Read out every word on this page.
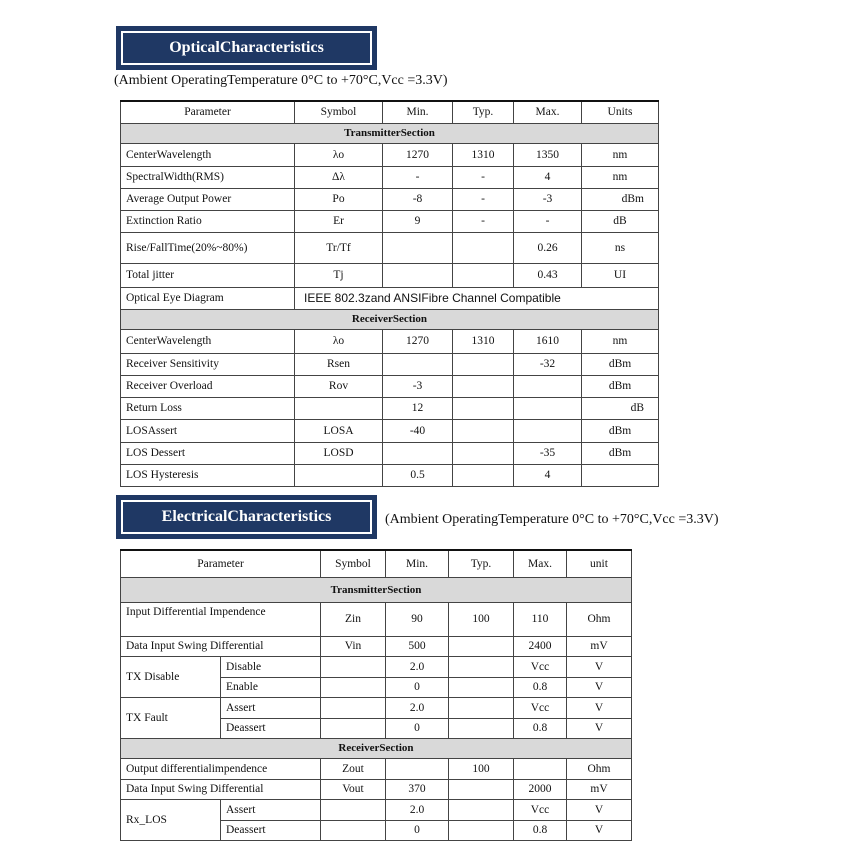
OpticalCharacteristics
(Ambient OperatingTemperature 0°C to +70°C,Vcc =3.3V)
Parameter	Symbol	Min.	Typ.	Max.	Units
TransmitterSection					
CenterWavelength	λo	1270	1310	1350	nm
SpectralWidth(RMS)	Δλ	-	-	4	nm
Average Output Power	Po	-8	-	-3	dBm
Extinction Ratio	Er	9	-	-	dB
Rise/FallTime(20%~80%)	Tr/Tf			0.26	ns
Total jitter	Tj			0.43	UI
Optical Eye Diagram	IEEE 802.3zand ANSIFibre Channel Compatible				
ReceiverSection					
CenterWavelength	λo	1270	1310	1610	nm
Receiver Sensitivity	Rsen			-32	dBm
Receiver Overload	Rov	-3			dBm
Return Loss		12			dB
LOSAssert	LOSA	-40			dBm
LOS Dessert	LOSD			-35	dBm
LOS Hysteresis		0.5		4	
ElectricalCharacteristics	(Ambient OperatingTemperature 0°C to +70°C,Vcc =3.3V)
Parameter		Symbol	Min.	Typ.	Max.	unit
TransmitterSection						
Input Differential Impendence		Zin	90	100	110	Ohm
Data Input Swing Differential		Vin	500		2400	mV
TX Disable	Disable		2.0		Vcc	V
	Enable		0		0.8	V
TX Fault	Assert		2.0		Vcc	V
	Deassert		0		0.8	V
ReceiverSection						
Output differentialimpendence		Zout		100		Ohm
Data Input Swing Differential		Vout	370		2000	mV
Rx_LOS	Assert		2.0		Vcc	V
	Deassert		0		0.8	V
